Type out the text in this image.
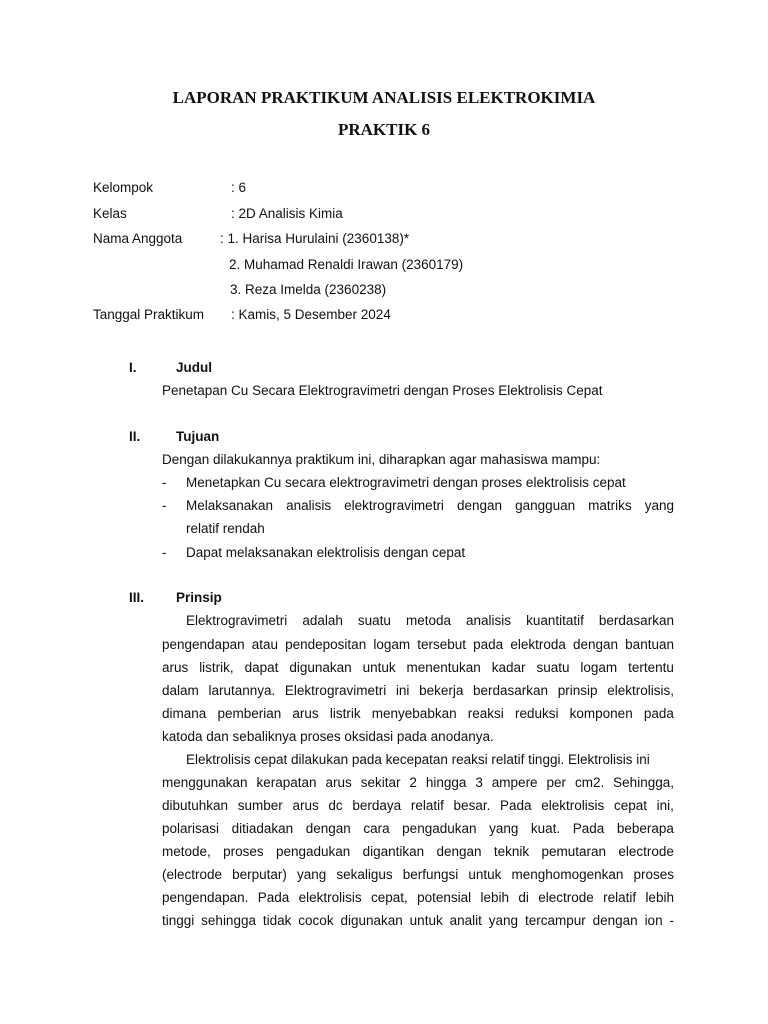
LAPORAN PRAKTIKUM ANALISIS ELEKTROKIMIA
PRAKTIK 6
Kelompok	: 6
Kelas	: 2D Analisis Kimia
Nama Anggota	: 1. Harisa Hurulaini (2360138)*
2. Muhamad Renaldi Irawan (2360179)
3. Reza Imelda (2360238)
Tanggal Praktikum : Kamis, 5 Desember 2024
I.	Judul
Penetapan Cu Secara Elektrogravimetri dengan Proses Elektrolisis Cepat
II.	Tujuan
Dengan dilakukannya praktikum ini, diharapkan agar mahasiswa mampu:
- Menetapkan Cu secara elektrogravimetri dengan proses elektrolisis cepat
- Melaksanakan analisis elektrogravimetri dengan gangguan matriks yang
relatif rendah
- Dapat melaksanakan elektrolisis dengan cepat
III. Prinsip
Elektrogravimetri adalah suatu metoda analisis kuantitatif berdasarkan
pengendapan atau pendepositan logam tersebut pada elektroda dengan bantuan
arus listrik, dapat digunakan untuk menentukan kadar suatu logam tertentu
dalam larutannya. Elektrogravimetri ini bekerja berdasarkan prinsip elektrolisis,
dimana pemberian arus listrik menyebabkan reaksi reduksi komponen pada
katoda dan sebaliknya proses oksidasi pada anodanya.
Elektrolisis cepat dilakukan pada kecepatan reaksi relatif tinggi. Elektrolisis ini
menggunakan kerapatan arus sekitar 2 hingga 3 ampere per cm2. Sehingga,
dibutuhkan sumber arus dc berdaya relatif besar. Pada elektrolisis cepat ini,
polarisasi ditiadakan dengan cara pengadukan yang kuat. Pada beberapa
metode, proses pengadukan digantikan dengan teknik pemutaran electrode
(electrode berputar) yang sekaligus berfungsi untuk menghomogenkan proses
pengendapan. Pada elektrolisis cepat, potensial lebih di electrode relatif lebih
tinggi sehingga tidak cocok digunakan untuk analit yang tercampur dengan ion -
